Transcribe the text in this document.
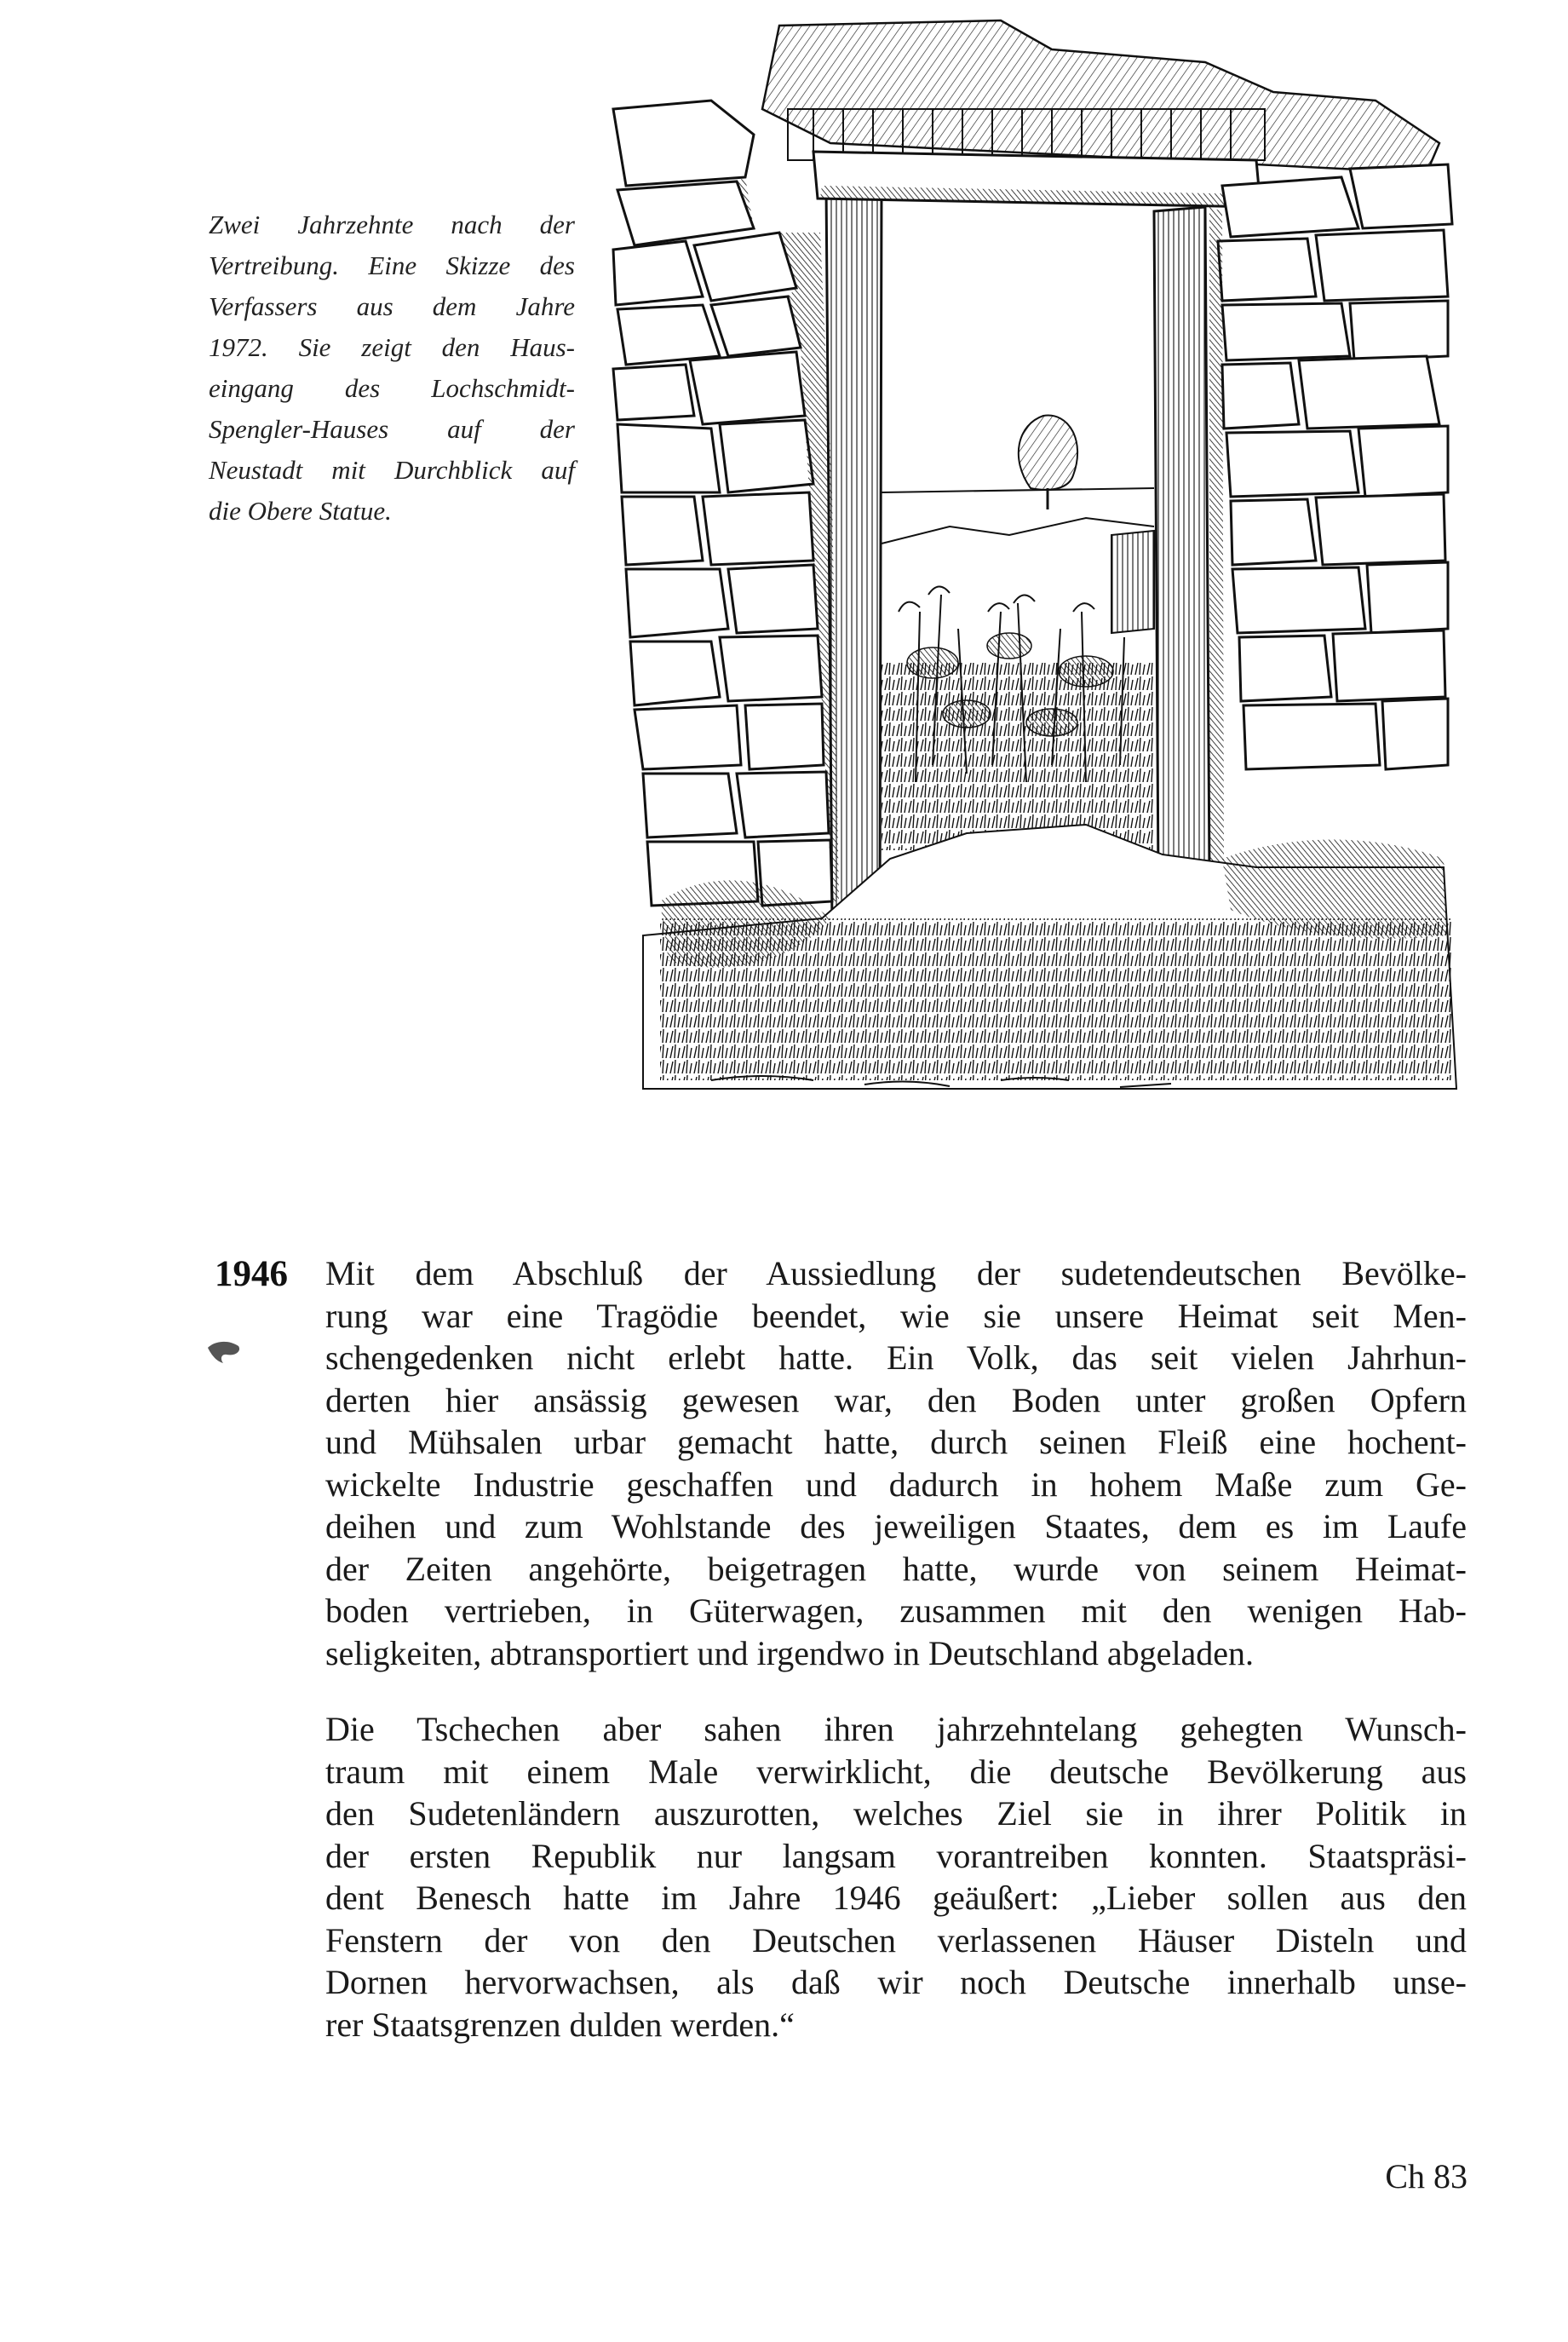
Zwei Jahrzehnte nach der
Vertreibung. Eine Skizze des
Verfassers aus dem Jahre
1972. Sie zeigt den Haus-
eingang des Lochschmidt-
Spengler-Hauses auf der
Neustadt mit Durchblick auf
die Obere Statue.
1946 Mit dem Abschluß der Aussiedlung der sudetendeutschen Bevölke-
rung war eine Tragödie beendet, wie sie unsere Heimat seit Men-
schengedenken nicht erlebt hatte. Ein Volk, das seit vielen Jahrhun-
derten hier ansässig gewesen war, den Boden unter großen Opfern
und Mühsalen urbar gemacht hatte, durch seinen Fleiß eine hochent-
wickelte Industrie geschaffen und dadurch in hohem Maße zum Ge-
deihen und zum Wohlstande des jeweiligen Staates, dem es im Laufe
der Zeiten angehörte, beigetragen hatte, wurde von seinem Heimat-
boden vertrieben, in Güterwagen, zusammen mit den wenigen Hab-
seligkeiten, abtransportiert und irgendwo in Deutschland abgeladen.

Die Tschechen aber sahen ihren jahrzehntelang gehegten Wunsch-
traum mit einem Male verwirklicht, die deutsche Bevölkerung aus
den Sudetenländern auszurotten, welches Ziel sie in ihrer Politik in
der ersten Republik nur langsam vorantreiben konnten. Staatspräsi-
dent Benesch hatte im Jahre 1946 geäußert: „Lieber sollen aus den
Fenstern der von den Deutschen verlassenen Häuser Disteln und
Dornen hervorwachsen, als daß wir noch Deutsche innerhalb unse-
rer Staatsgrenzen dulden werden.“

Ch 83
